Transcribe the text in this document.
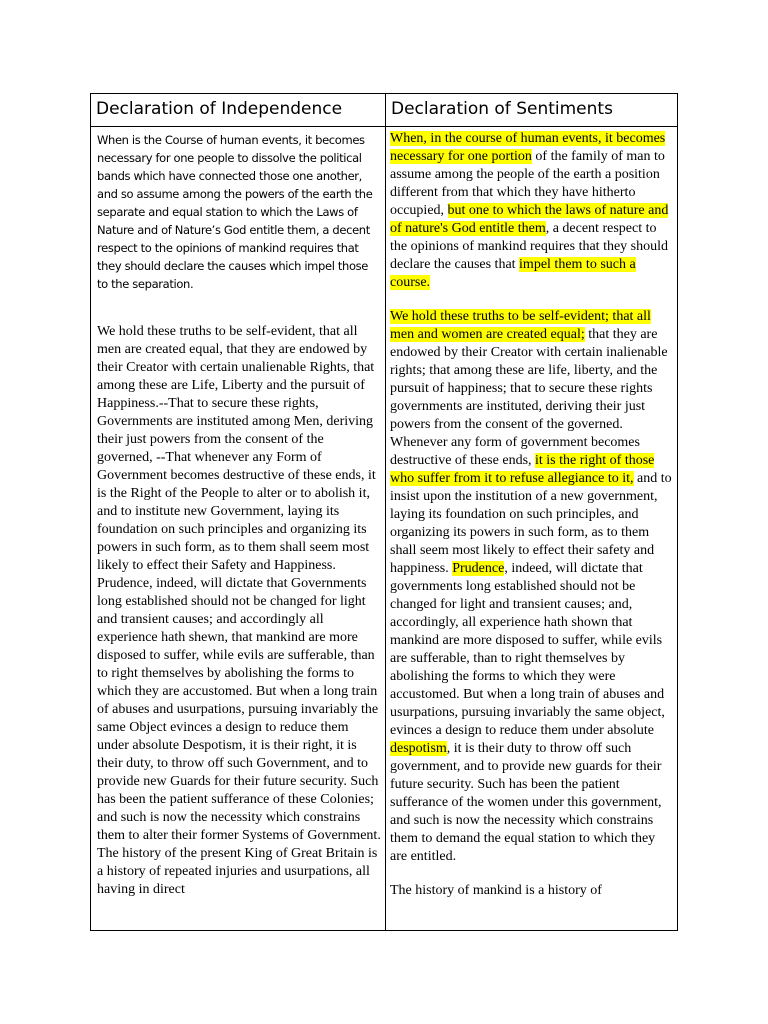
Declaration of Independence	Declaration of Sentiments

When is the Course of human events, it becomes necessary for one people to dissolve the political bands which have connected those one another, and so assume among the powers of the earth the separate and equal station to which the Laws of Nature and of Nature’s God entitle them, a decent respect to the opinions of mankind requires that they should declare the causes which impel those to the separation.

We hold these truths to be self-evident, that all men are created equal, that they are endowed by their Creator with certain unalienable Rights, that among these are Life, Liberty and the pursuit of Happiness.--That to secure these rights, Governments are instituted among Men, deriving their just powers from the consent of the governed, --That whenever any Form of Government becomes destructive of these ends, it is the Right of the People to alter or to abolish it, and to institute new Government, laying its foundation on such principles and organizing its powers in such form, as to them shall seem most likely to effect their Safety and Happiness. Prudence, indeed, will dictate that Governments long established should not be changed for light and transient causes; and accordingly all experience hath shewn, that mankind are more disposed to suffer, while evils are sufferable, than to right themselves by abolishing the forms to which they are accustomed. But when a long train of abuses and usurpations, pursuing invariably the same Object evinces a design to reduce them under absolute Despotism, it is their right, it is their duty, to throw off such Government, and to provide new Guards for their future security. Such has been the patient sufferance of these Colonies; and such is now the necessity which constrains them to alter their former Systems of Government. The history of the present King of Great Britain is a history of repeated injuries and usurpations, all having in direct

When, in the course of human events, it becomes necessary for one portion of the family of man to assume among the people of the earth a position different from that which they have hitherto occupied, but one to which the laws of nature and of nature's God entitle them, a decent respect to the opinions of mankind requires that they should declare the causes that impel them to such a course.

We hold these truths to be self-evident; that all men and women are created equal; that they are endowed by their Creator with certain inalienable rights; that among these are life, liberty, and the pursuit of happiness; that to secure these rights governments are instituted, deriving their just powers from the consent of the governed. Whenever any form of government becomes destructive of these ends, it is the right of those who suffer from it to refuse allegiance to it, and to insist upon the institution of a new government, laying its foundation on such principles, and organizing its powers in such form, as to them shall seem most likely to effect their safety and happiness. Prudence, indeed, will dictate that governments long established should not be changed for light and transient causes; and, accordingly, all experience hath shown that mankind are more disposed to suffer, while evils are sufferable, than to right themselves by abolishing the forms to which they were accustomed. But when a long train of abuses and usurpations, pursuing invariably the same object, evinces a design to reduce them under absolute despotism, it is their duty to throw off such government, and to provide new guards for their future security. Such has been the patient sufferance of the women under this government, and such is now the necessity which constrains them to demand the equal station to which they are entitled.

The history of mankind is a history of
